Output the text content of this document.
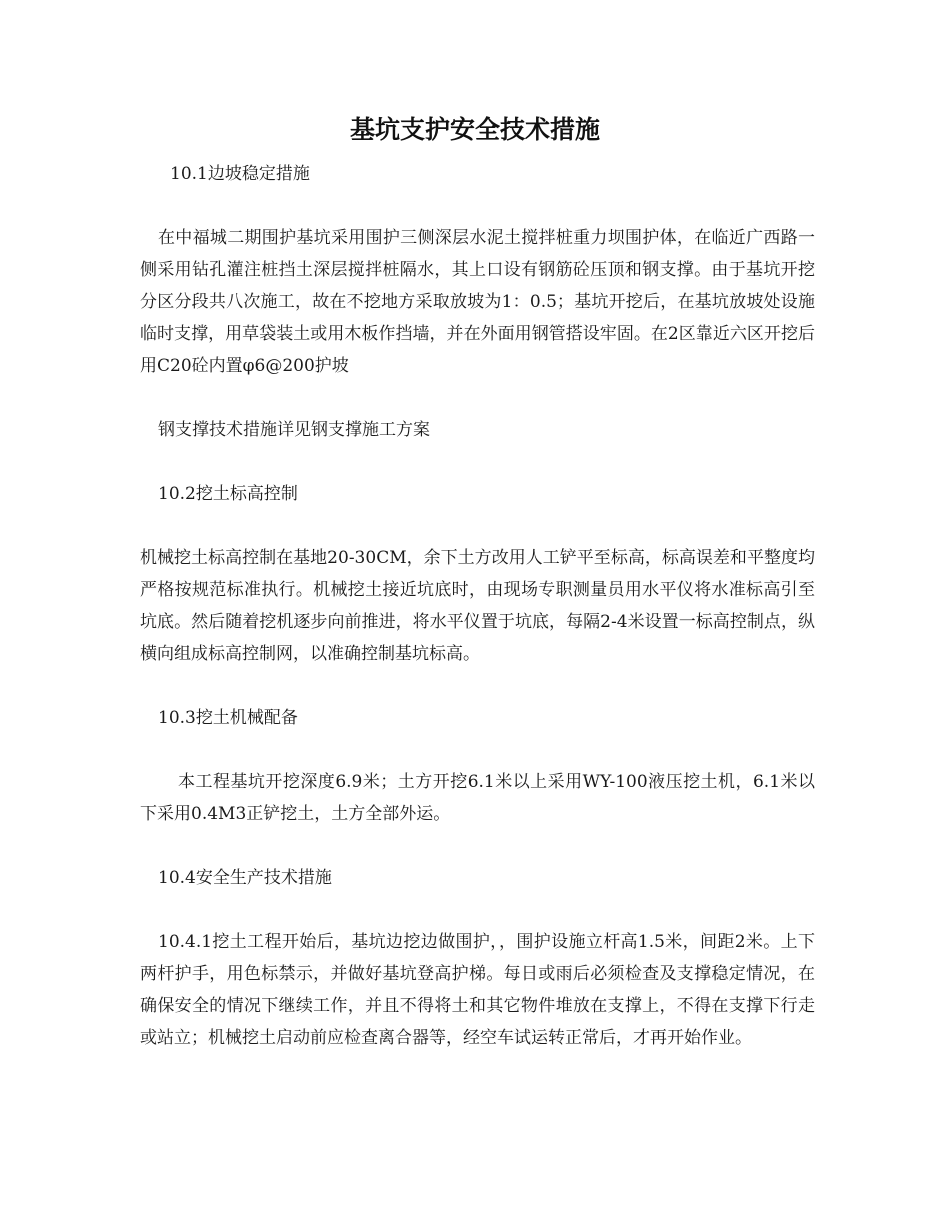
基坑支护安全技术措施

10.1边坡稳定措施

在中福城二期围护基坑采用围护三侧深层水泥土搅拌桩重力坝围护体，在临近广西路一侧采用钻孔灌注桩挡土深层搅拌桩隔水，其上口设有钢筋砼压顶和钢支撑。由于基坑开挖分区分段共八次施工，故在不挖地方采取放坡为1：0.5；基坑开挖后，在基坑放坡处设施临时支撑，用草袋装土或用木板作挡墙，并在外面用钢管搭设牢固。在2区靠近六区开挖后用C20砼内置φ6@200护坡

钢支撑技术措施详见钢支撑施工方案

10.2挖土标高控制

机械挖土标高控制在基地20-30CM，余下土方改用人工铲平至标高，标高误差和平整度均严格按规范标准执行。机械挖土接近坑底时，由现场专职测量员用水平仪将水准标高引至坑底。然后随着挖机逐步向前推进，将水平仪置于坑底，每隔2-4米设置一标高控制点，纵横向组成标高控制网，以准确控制基坑标高。

10.3挖土机械配备

本工程基坑开挖深度6.9米；土方开挖6.1米以上采用WY-100液压挖土机，6.1米以下采用0.4M3正铲挖土，土方全部外运。

10.4安全生产技术措施

10.4.1挖土工程开始后，基坑边挖边做围护，，围护设施立杆高1.5米，间距2米。上下两杆护手，用色标禁示，并做好基坑登高护梯。每日或雨后必须检查及支撑稳定情况，在确保安全的情况下继续工作，并且不得将土和其它物件堆放在支撑上，不得在支撑下行走或站立；机械挖土启动前应检查离合器等，经空车试运转正常后，才再开始作业。
